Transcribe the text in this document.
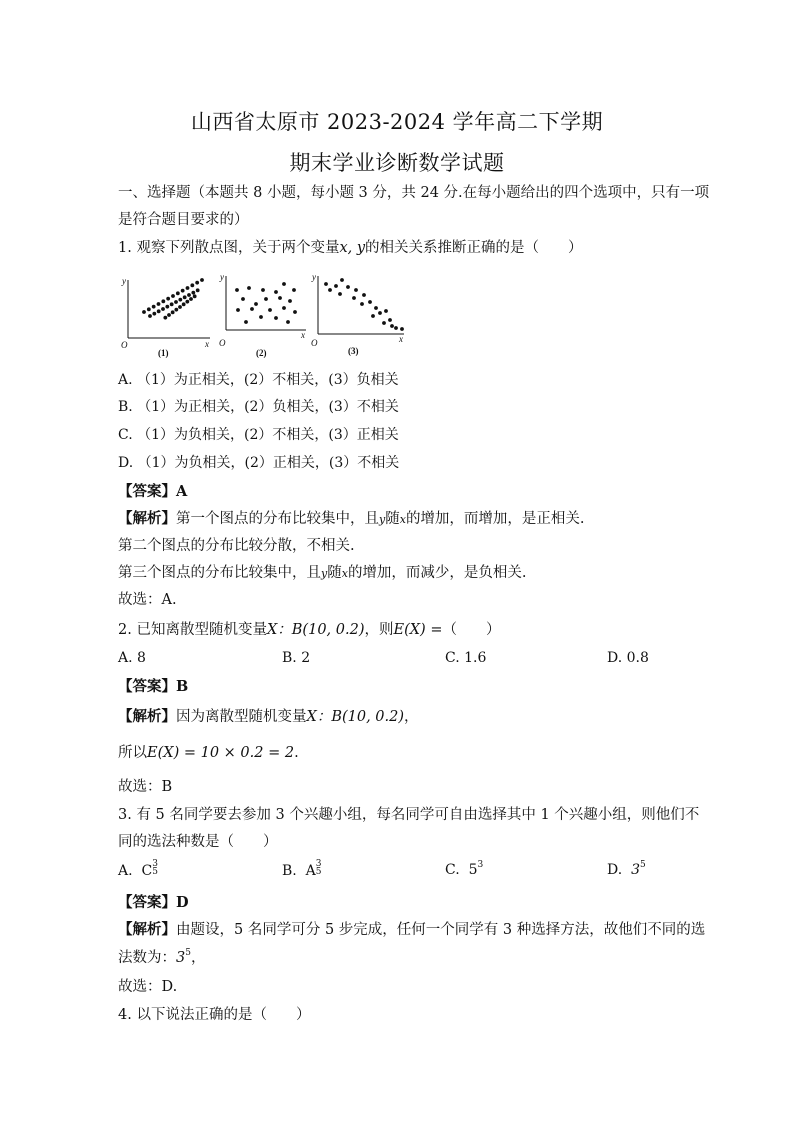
山西省太原市 2023-2024 学年高二下学期
期末学业诊断数学试题
一、选择题（本题共 8 小题，每小题 3 分，共 24 分.在每小题给出的四个选项中，只有一项
是符合题目要求的）
1. 观察下列散点图，关于两个变量x, y的相关关系推断正确的是（　　）
O
y
x O
y
x
O
y
x
(1)	(2)	(3)
A. （1）为正相关，(2）不相关，(3）负相关
B. （1）为正相关，(2）负相关，(3）不相关
C. （1）为负相关，(2）不相关，(3）正相关
D. （1）为负相关，(2）正相关，(3）不相关
【答案】A
【解析】第一个图点的分布比较集中，且y随x的增加，而增加，是正相关.
第二个图点的分布比较分散，不相关.
第三个图点的分布比较集中，且y随x的增加，而减少，是负相关.
故选：A.
2. 已知离散型随机变量X：B(10, 0.2)，则E(X) =（　　）
A. 8	B. 2	C. 1.6	D. 0.8
【答案】B
【解析】因为离散型随机变量X：B(10, 0.2)，
所以E(X) = 10 × 0.2 = 2.
故选：B
3. 有 5 名同学要去参加 3 个兴趣小组，每名同学可自由选择其中 1 个兴趣小组，则他们不
同的选法种数是（　　）
A. C 3
5	B. A 3
5	C. $5^3$	D. $3^5$
【答案】D
【解析】由题设，5 名同学可分 5 步完成，任何一个同学有 3 种选择方法，故他们不同的选
法数为：$3^5$，
故选：D.
4. 以下说法正确的是（　　）
